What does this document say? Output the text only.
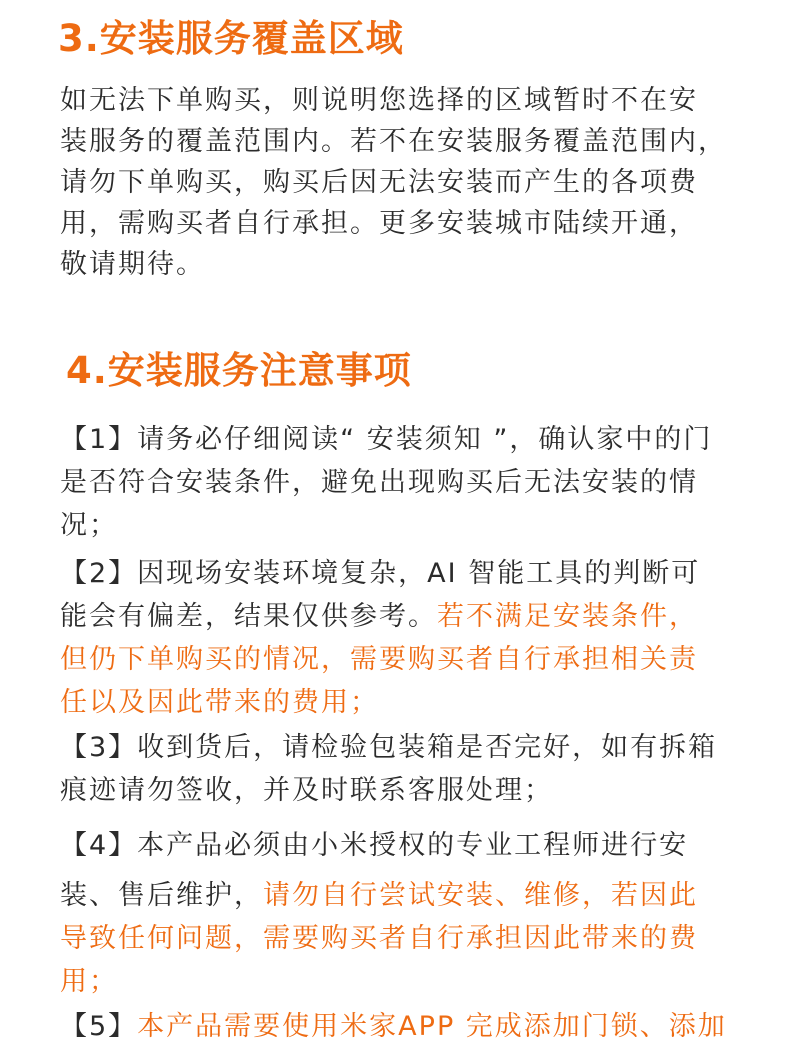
3.安装服务覆盖区域
如无法下单购买，则说明您选择的区域暂时不在安
装服务的覆盖范围内。若不在安装服务覆盖范围内，
请勿下单购买，购买后因无法安装而产生的各项费
用，需购买者自行承担。更多安装城市陆续开通，
敬请期待。
4.安装服务注意事项
【1】请务必仔细阅读“ 安装须知 ”，确认家中的门
是否符合安装条件，避免出现购买后无法安装的情
况；
【2】因现场安装环境复杂，AI 智能工具的判断可
能会有偏差，结果仅供参考。若不满足安装条件，
但仍下单购买的情况，需要购买者自行承担相关责
任以及因此带来的费用；
【3】收到货后，请检验包装箱是否完好，如有拆箱
痕迹请勿签收，并及时联系客服处理；
【4】本产品必须由小米授权的专业工程师进行安
装、售后维护，请勿自行尝试安装、维修，若因此
导致任何问题，需要购买者自行承担因此带来的费
用；
【5】本产品需要使用米家APP 完成添加门锁、添加
